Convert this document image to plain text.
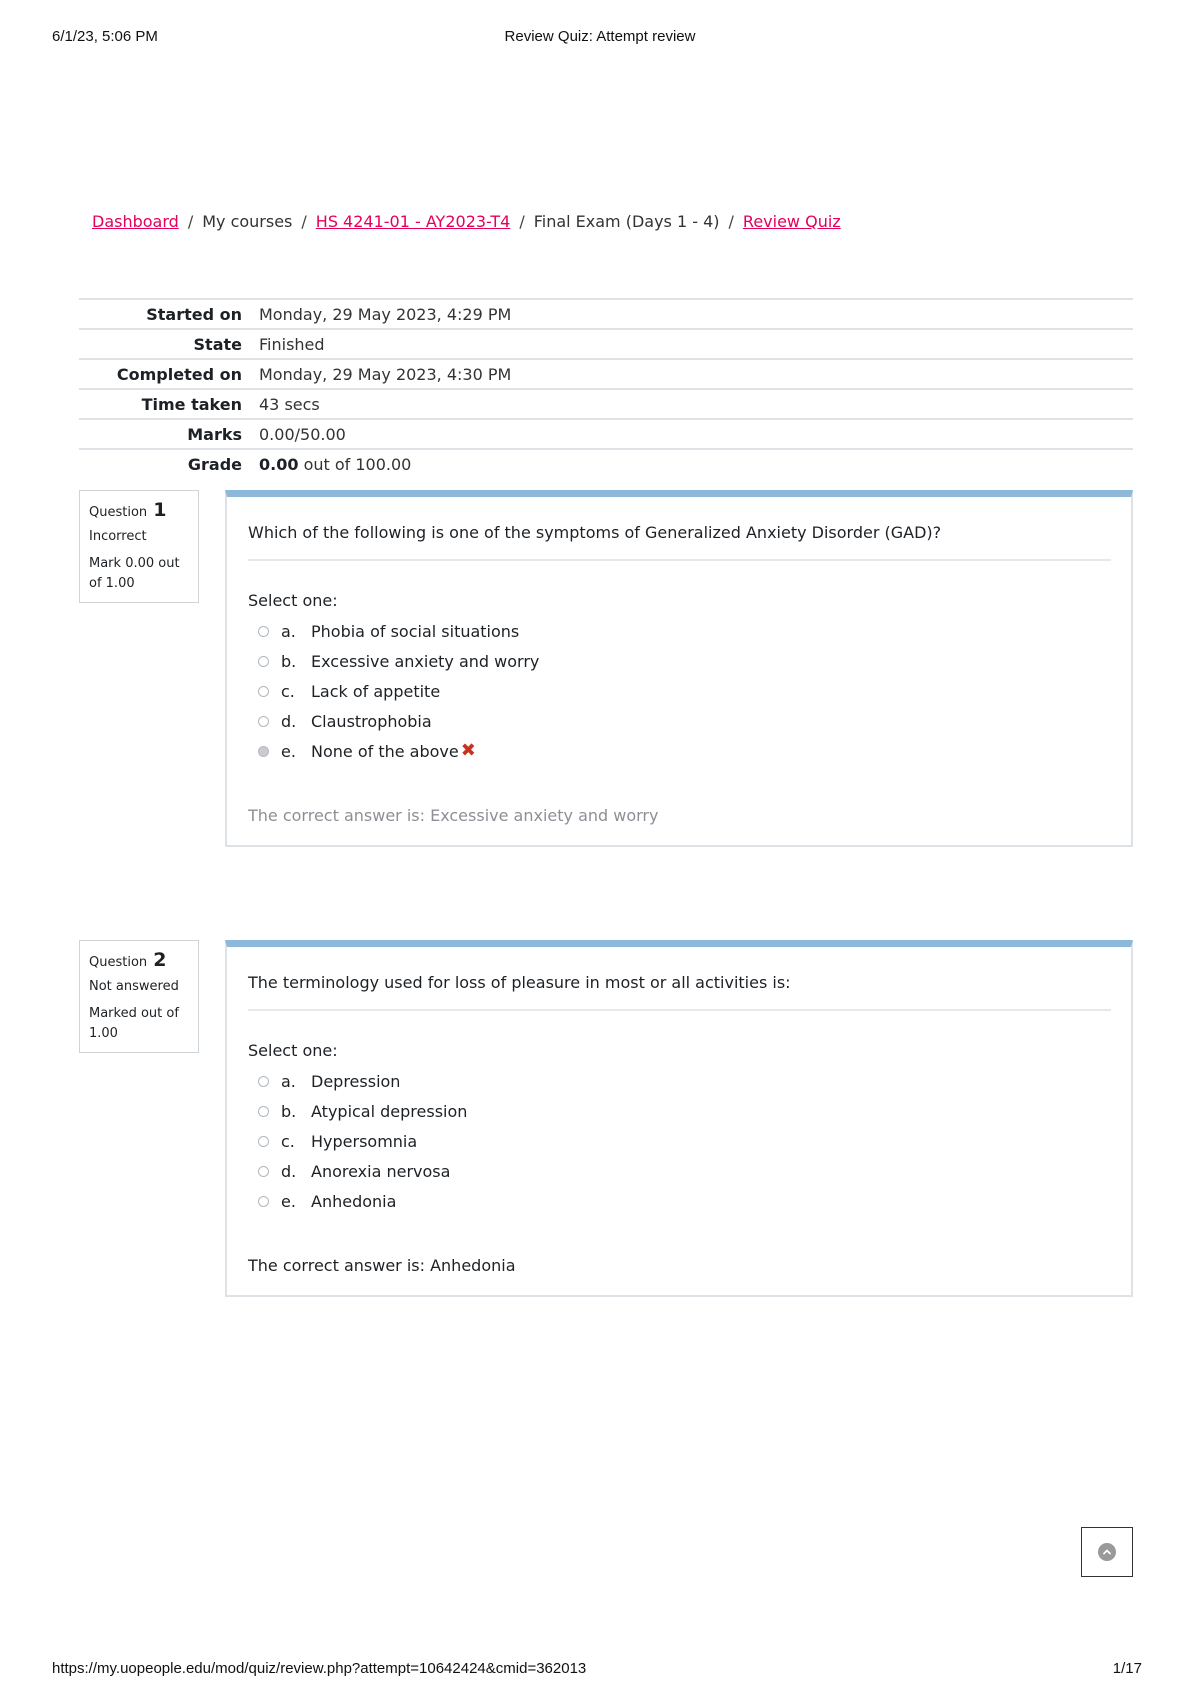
6/1/23, 5:06 PM	Review Quiz: Attempt review
Dashboard / My courses / HS 4241-01 - AY2023-T4 / Final Exam (Days 1 - 4) / Review Quiz
Started on	Monday, 29 May 2023, 4:29 PM
State	Finished
Completed on	Monday, 29 May 2023, 4:30 PM
Time taken	43 secs
Marks	0.00/50.00
Grade	0.00 out of 100.00
Question 1
Incorrect
Mark 0.00 out of 1.00
Which of the following is one of the symptoms of Generalized Anxiety Disorder (GAD)?
Select one:
a. Phobia of social situations
b. Excessive anxiety and worry
c.	Lack of appetite
d. Claustrophobia
e. None of the above ✖
The correct answer is: Excessive anxiety and worry
Question 2
Not answered
Marked out of 1.00
The terminology used for loss of pleasure in most or all activities is:
Select one:
a. Depression
b. Atypical depression
c.	Hypersomnia
d. Anorexia nervosa
e. Anhedonia
The correct answer is: Anhedonia
https://my.uopeople.edu/mod/quiz/review.php?attempt=10642424&cmid=362013	1/17
